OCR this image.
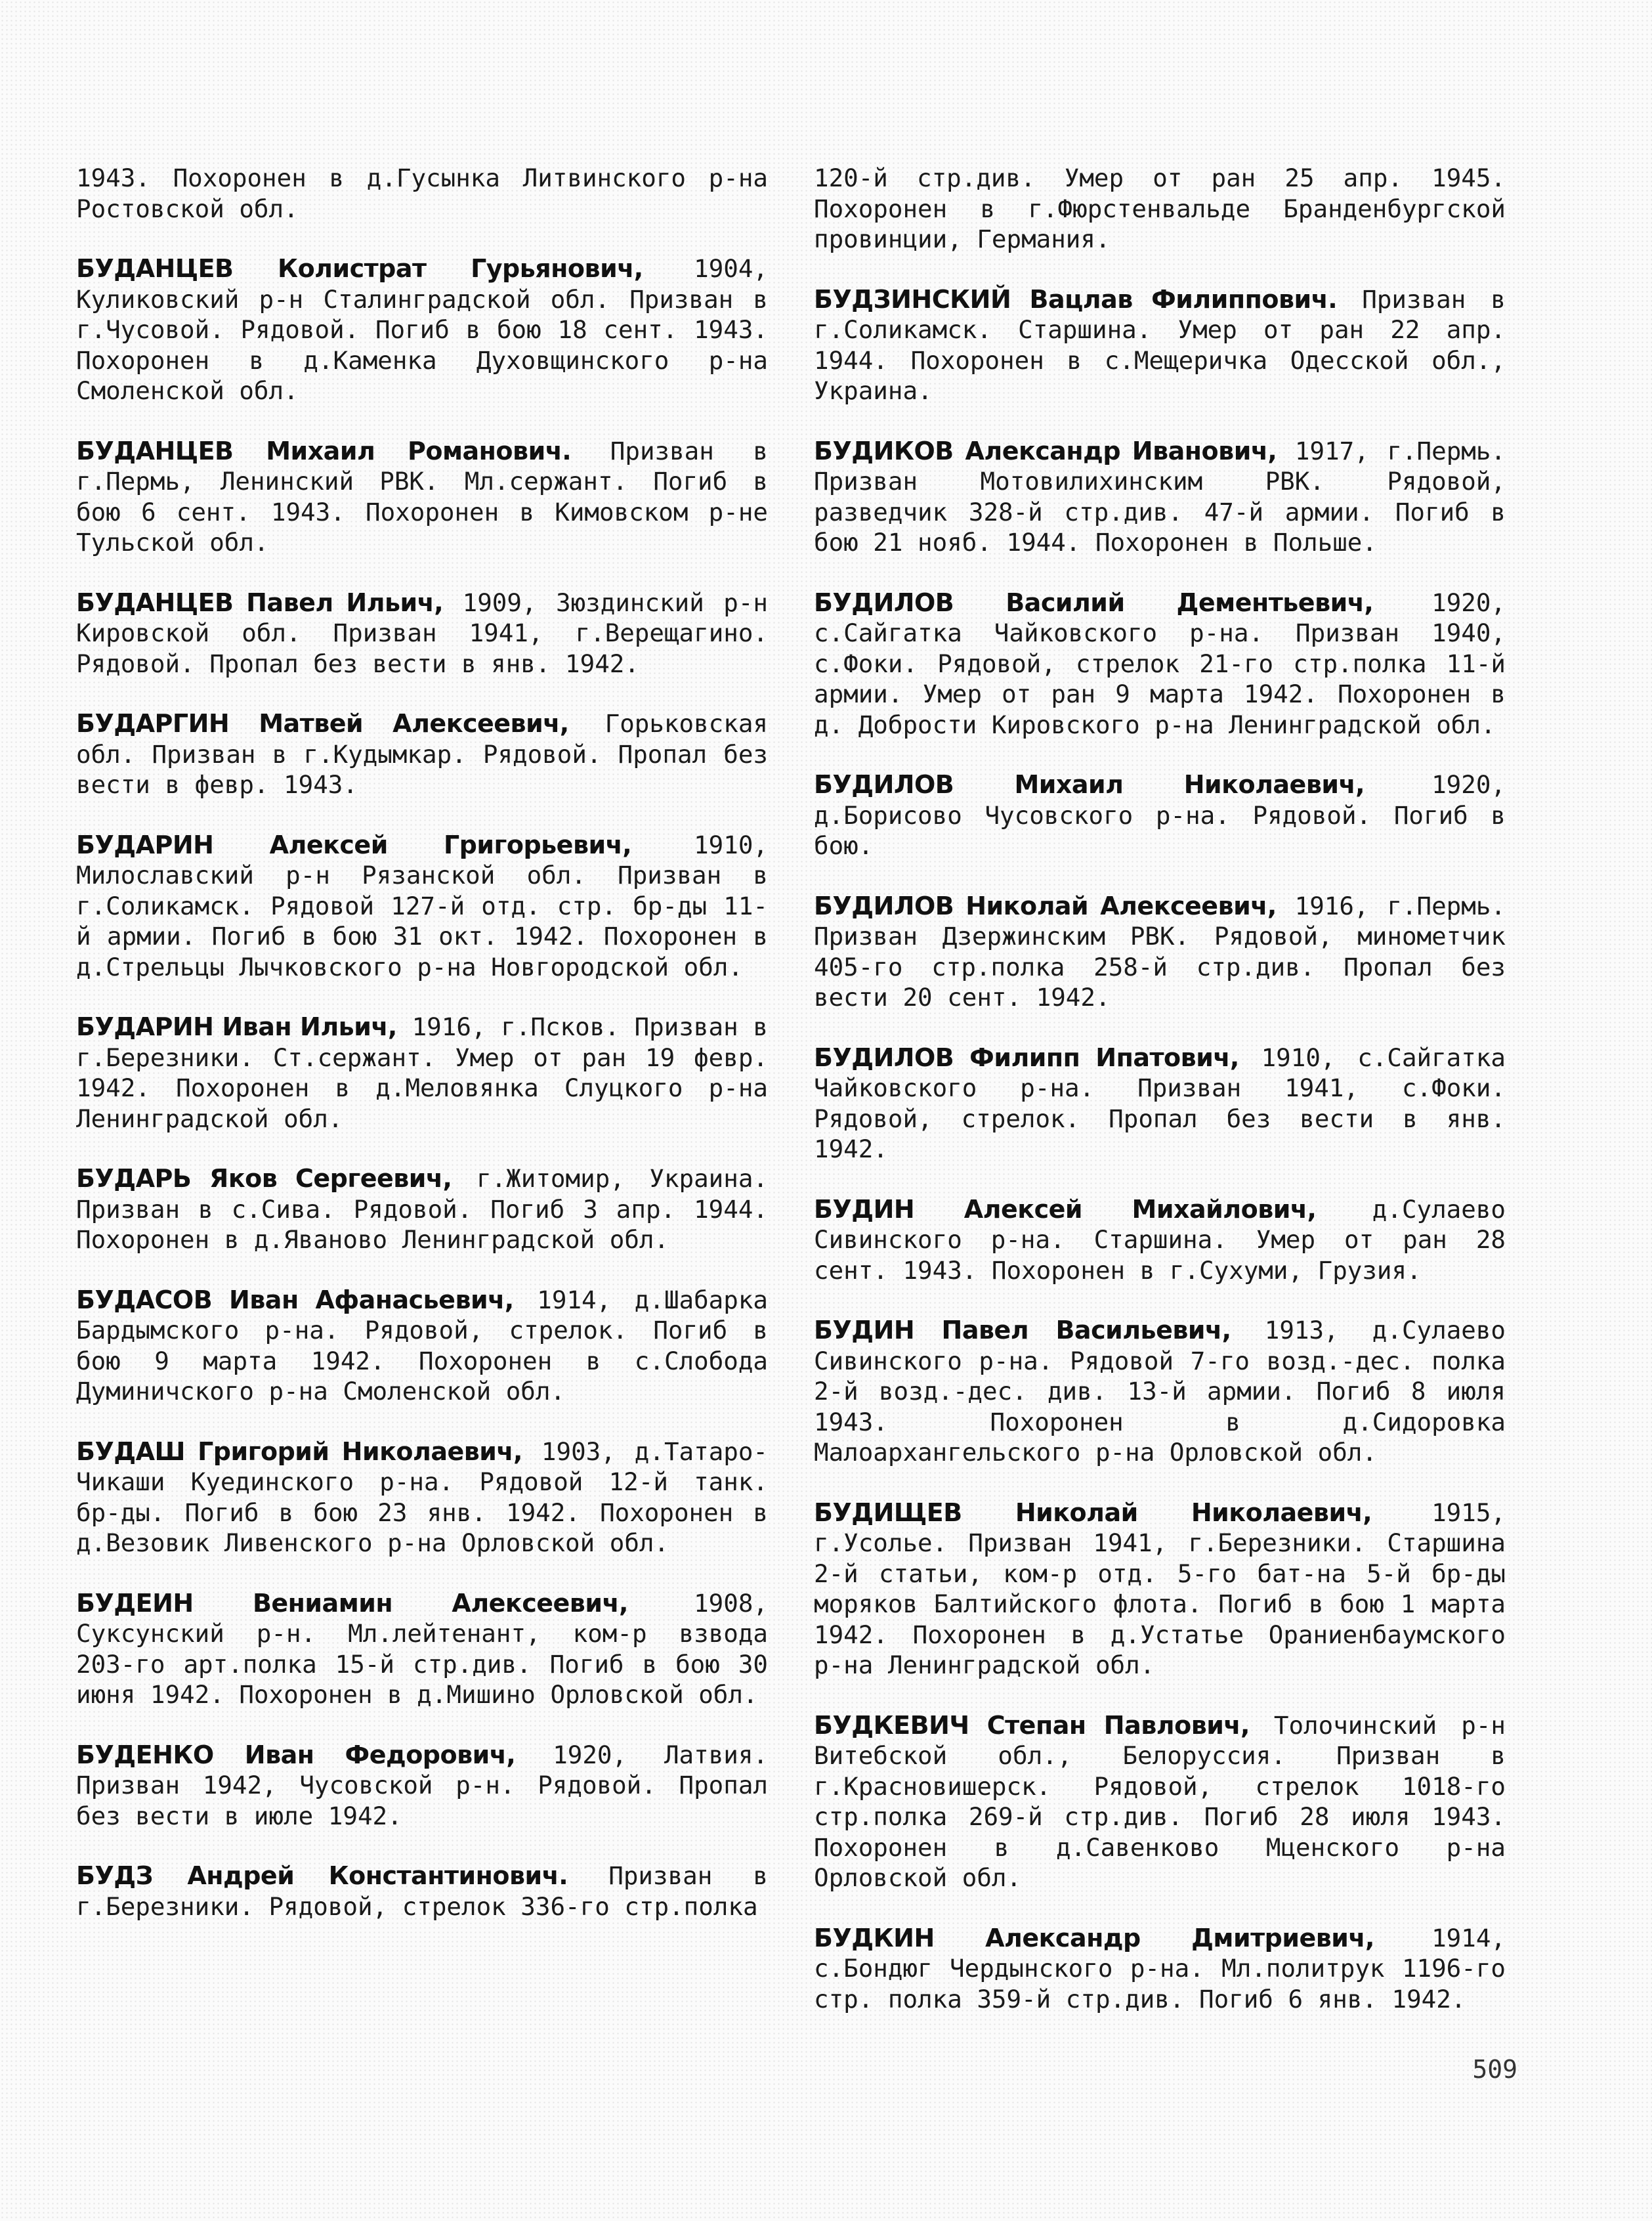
1943. Похоронен в д.Гусынка Литвинского р-на Ростовской обл.

БУДАНЦЕВ Колистрат Гурьянович, 1904, Куликовский р-н Сталинградской обл. Призван в г.Чусовой. Рядовой. Погиб в бою 18 сент. 1943. Похоронен в д.Каменка Духовщинского р-на Смоленской обл.

БУДАНЦЕВ Михаил Романович. Призван в г.Пермь, Ленинский РВК. Мл.сержант. Погиб в бою 6 сент. 1943. Похоронен в Кимовском р-не Тульской обл.

БУДАНЦЕВ Павел Ильич, 1909, Зюздинский р-н Кировской обл. Призван 1941, г.Верещагино. Рядовой. Пропал без вести в янв. 1942.

БУДАРГИН Матвей Алексеевич, Горьковская обл. Призван в г.Кудымкар. Рядовой. Пропал без вести в февр. 1943.

БУДАРИН Алексей Григорьевич, 1910, Милославский р-н Рязанской обл. Призван в г.Соликамск. Рядовой 127-й отд. стр. бр-ды 11-й армии. Погиб в бою 31 окт. 1942. Похоронен в д.Стрельцы Лычковского р-на Новгородской обл.

БУДАРИН Иван Ильич, 1916, г.Псков. Призван в г.Березники. Ст.сержант. Умер от ран 19 февр. 1942. Похоронен в д.Меловянка Слуцкого р-на Ленинградской обл.

БУДАРЬ Яков Сергеевич, г.Житомир, Украина. Призван в с.Сива. Рядовой. Погиб 3 апр. 1944. Похоронен в д.Яваново Ленинградской обл.

БУДАСОВ Иван Афанасьевич, 1914, д.Шабарка Бардымского р-на. Рядовой, стрелок. Погиб в бою 9 марта 1942. Похоронен в с.Слобода Думиничского р-на Смоленской обл.

БУДАШ Григорий Николаевич, 1903, д.Татаро-Чикаши Куединского р-на. Рядовой 12-й танк. бр-ды. Погиб в бою 23 янв. 1942. Похоронен в д.Везовик Ливенского р-на Орловской обл.

БУДЕИН Вениамин Алексеевич, 1908, Суксунский р-н. Мл.лейтенант, ком-р взвода 203-го арт.полка 15-й стр.див. Погиб в бою 30 июня 1942. Похоронен в д.Мишино Орловской обл.

БУДЕНКО Иван Федорович, 1920, Латвия. Призван 1942, Чусовской р-н. Рядовой. Пропал без вести в июле 1942.

БУДЗ Андрей Константинович. Призван в г.Березники. Рядовой, стрелок 336-го стр.полка

120-й стр.див. Умер от ран 25 апр. 1945. Похоронен в г.Фюрстенвальде Бранденбургской провинции, Германия.

БУДЗИНСКИЙ Вацлав Филиппович. Призван в г.Соликамск. Старшина. Умер от ран 22 апр. 1944. Похоронен в с.Мещеричка Одесской обл., Украина.

БУДИКОВ Александр Иванович, 1917, г.Пермь. Призван Мотовилихинским РВК. Рядовой, разведчик 328-й стр.див. 47-й армии. Погиб в бою 21 нояб. 1944. Похоронен в Польше.

БУДИЛОВ Василий Дементьевич, 1920, с.Сайгатка Чайковского р-на. Призван 1940, с.Фоки. Рядовой, стрелок 21-го стр.полка 11-й армии. Умер от ран 9 марта 1942. Похоронен в д. Добрости Кировского р-на Ленинградской обл.

БУДИЛОВ Михаил Николаевич, 1920, д.Борисово Чусовского р-на. Рядовой. Погиб в бою.

БУДИЛОВ Николай Алексеевич, 1916, г.Пермь. Призван Дзержинским РВК. Рядовой, минометчик 405-го стр.полка 258-й стр.див. Пропал без вести 20 сент. 1942.

БУДИЛОВ Филипп Ипатович, 1910, с.Сайгатка Чайковского р-на. Призван 1941, с.Фоки. Рядовой, стрелок. Пропал без вести в янв. 1942.

БУДИН Алексей Михайлович, д.Сулаево Сивинского р-на. Старшина. Умер от ран 28 сент. 1943. Похоронен в г.Сухуми, Грузия.

БУДИН Павел Васильевич, 1913, д.Сулаево Сивинского р-на. Рядовой 7-го возд.-дес. полка 2-й возд.-дес. див. 13-й армии. Погиб 8 июля 1943. Похоронен в д.Сидоровка Малоархангельского р-на Орловской обл.

БУДИЩЕВ Николай Николаевич, 1915, г.Усолье. Призван 1941, г.Березники. Старшина 2-й статьи, ком-р отд. 5-го бат-на 5-й бр-ды моряков Балтийского флота. Погиб в бою 1 марта 1942. Похоронен в д.Устатье Ораниенбаумского р-на Ленинградской обл.

БУДКЕВИЧ Степан Павлович, Толочинский р-н Витебской обл., Белоруссия. Призван в г.Красновишерск. Рядовой, стрелок 1018-го стр.полка 269-й стр.див. Погиб 28 июля 1943. Похоронен в д.Савенково Мценского р-на Орловской обл.

БУДКИН Александр Дмитриевич, 1914, с.Бондюг Чердынского р-на. Мл.политрук 1196-го стр. полка 359-й стр.див. Погиб 6 янв. 1942.

509
